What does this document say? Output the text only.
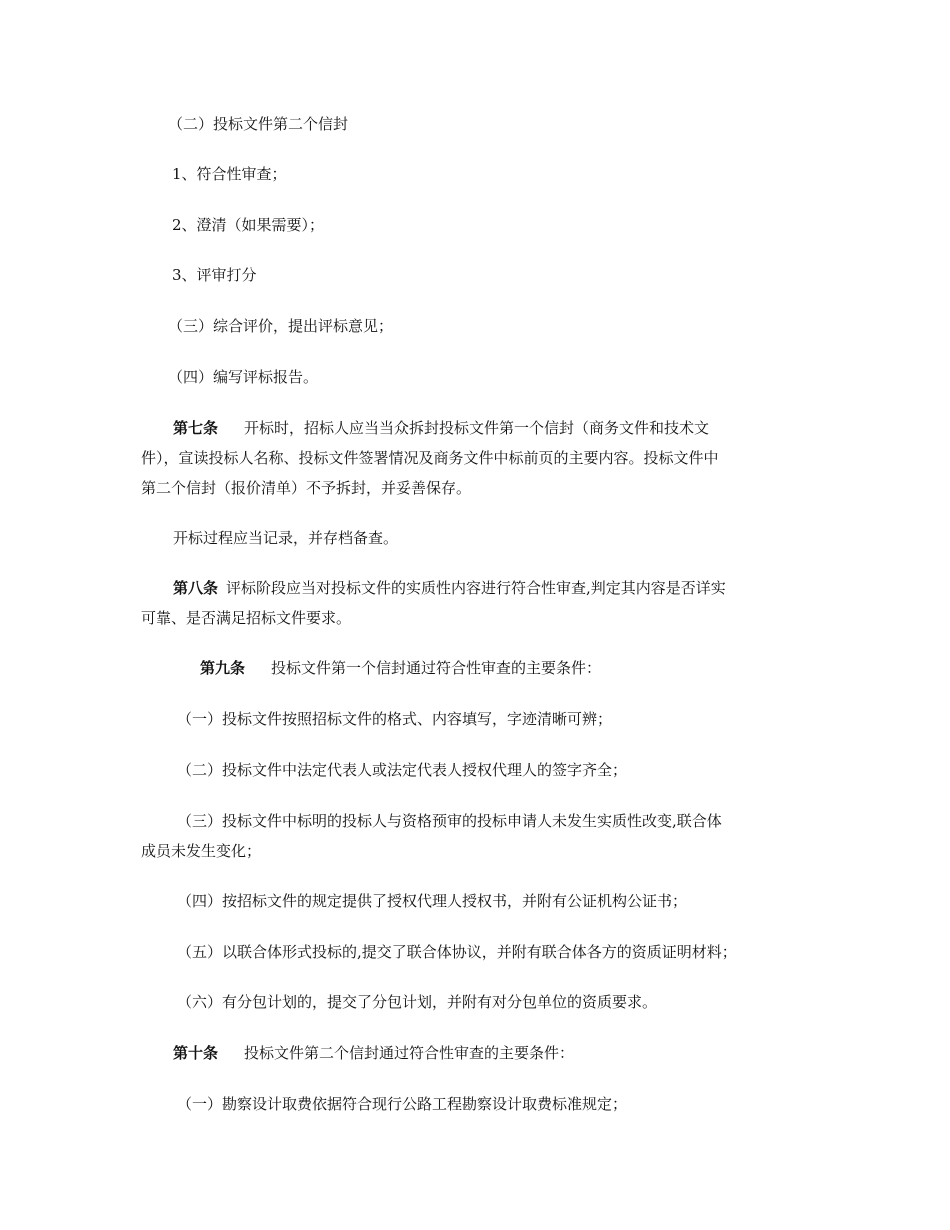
（二）投标文件第二个信封
1、符合性审查；
2、澄清（如果需要）；
3、评审打分
（三）综合评价，提出评标意见；
（四）编写评标报告。
第七条 开标时，招标人应当当众拆封投标文件第一个信封（商务文件和技术文
件），宣读投标人名称、投标文件签署情况及商务文件中标前页的主要内容。投标文件中
第二个信封（报价清单）不予拆封，并妥善保存。
开标过程应当记录，并存档备查。
第八条 评标阶段应当对投标文件的实质性内容进行符合性审查,判定其内容是否详实
可靠、是否满足招标文件要求。
第九条 投标文件第一个信封通过符合性审查的主要条件：
（一）投标文件按照招标文件的格式、内容填写，字迹清晰可辨；
（二）投标文件中法定代表人或法定代表人授权代理人的签字齐全；
（三）投标文件中标明的投标人与资格预审的投标申请人未发生实质性改变,联合体
成员未发生变化；
（四）按招标文件的规定提供了授权代理人授权书，并附有公证机构公证书；
（五）以联合体形式投标的,提交了联合体协议，并附有联合体各方的资质证明材料；
（六）有分包计划的，提交了分包计划，并附有对分包单位的资质要求。
第十条 投标文件第二个信封通过符合性审查的主要条件：
（一）勘察设计取费依据符合现行公路工程勘察设计取费标准规定；
